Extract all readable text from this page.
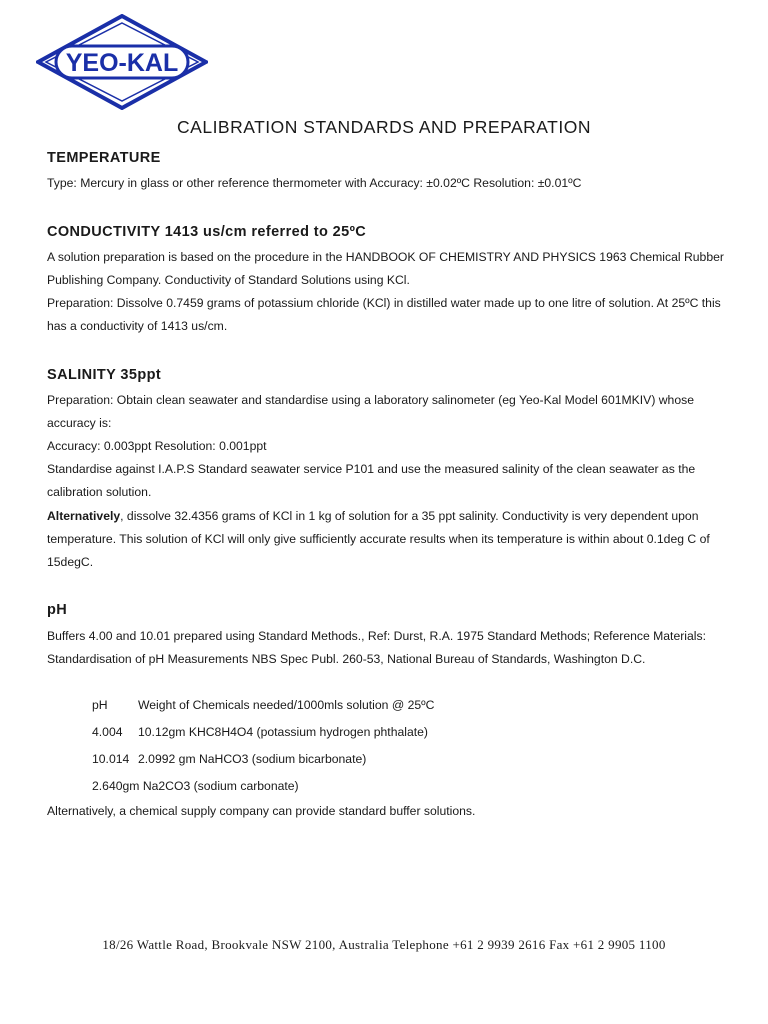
YEO-KAL
CALIBRATION STANDARDS AND PREPARATION
TEMPERATURE

Type: Mercury in glass or other reference thermometer with Accuracy: ±0.02ºC Resolution: ±0.01ºC

CONDUCTIVITY 1413 us/cm referred to 25ºC

A solution preparation is based on the procedure in the HANDBOOK OF CHEMISTRY AND PHYSICS 1963 Chemical Rubber Publishing Company. Conductivity of Standard Solutions using KCl.

Preparation: Dissolve 0.7459 grams of potassium chloride (KCl) in distilled water made up to one litre of solution. At 25ºC this has a conductivity of 1413 us/cm.

SALINITY 35ppt

Preparation: Obtain clean seawater and standardise using a laboratory salinometer (eg Yeo-Kal Model 601MKIV) whose accuracy is:

Accuracy: 0.003ppt Resolution: 0.001ppt

Standardise against I.A.P.S Standard seawater service P101 and use the measured salinity of the clean seawater as the calibration solution.

Alternatively, dissolve 32.4356 grams of KCl in 1 kg of solution for a 35 ppt salinity. Conductivity is very dependent upon temperature. This solution of KCl will only give sufficiently accurate results when its temperature is within about 0.1deg C of 15degC.

pH

Buffers 4.00 and 10.01 prepared using Standard Methods., Ref: Durst, R.A. 1975 Standard Methods; Reference Materials: Standardisation of pH Measurements NBS Spec Publ. 260-53, National Bureau of Standards, Washington D.C.

pH Weight of Chemicals needed/1000mls solution @ 25ºC
4.004 10.12gm KHC8H4O4 (potassium hydrogen phthalate)
10.014 2.0992 gm NaHCO3 (sodium bicarbonate)
2.640gm Na2CO3 (sodium carbonate)

Alternatively, a chemical supply company can provide standard buffer solutions.

18/26 Wattle Road, Brookvale NSW 2100, Australia Telephone +61 2 9939 2616 Fax +61 2 9905 1100
